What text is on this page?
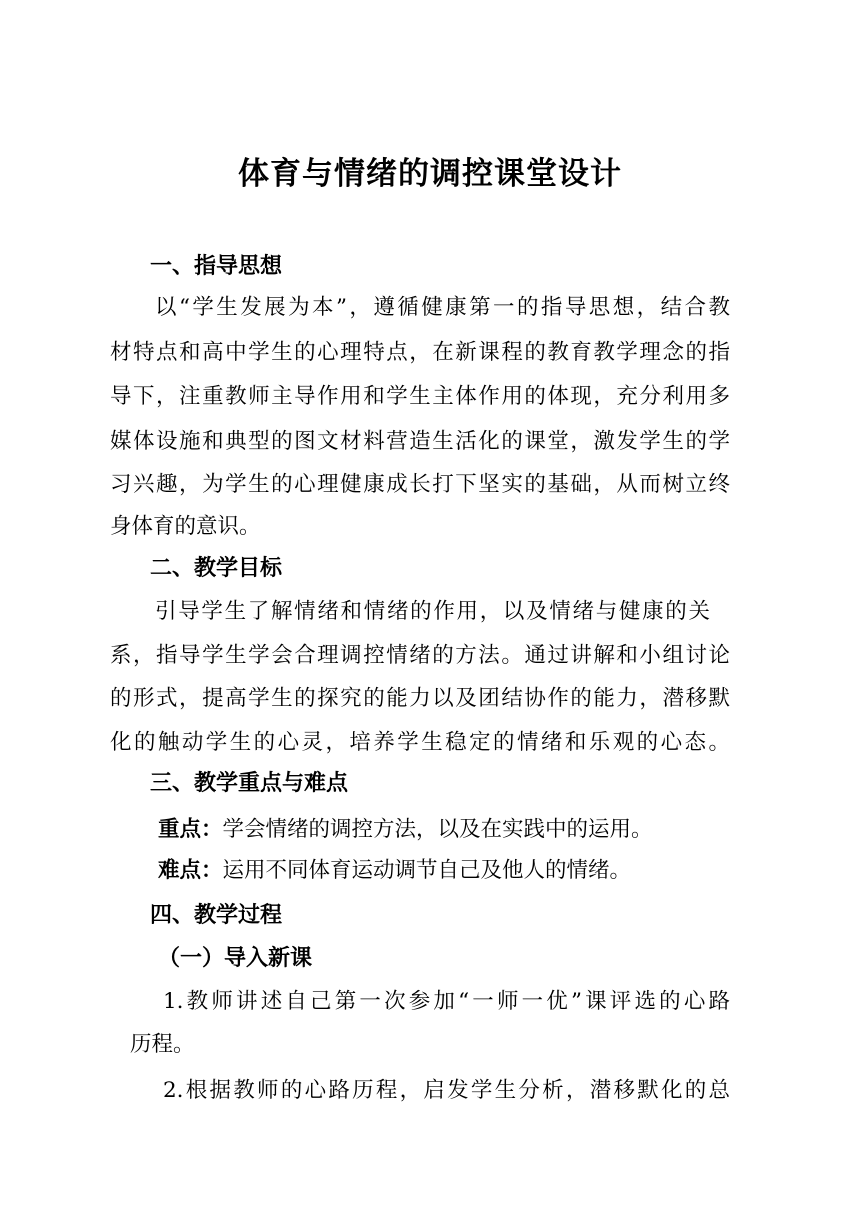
体育与情绪的调控课堂设计
一、指导思想
以“学生发展为本”，遵循健康第一的指导思想，结合教
材特点和高中学生的心理特点，在新课程的教育教学理念的指
导下，注重教师主导作用和学生主体作用的体现，充分利用多
媒体设施和典型的图文材料营造生活化的课堂，激发学生的学
习兴趣，为学生的心理健康成长打下坚实的基础，从而树立终
身体育的意识。
二、教学目标
引导学生了解情绪和情绪的作用，以及情绪与健康的关
系，指导学生学会合理调控情绪的方法。通过讲解和小组讨论
的形式，提高学生的探究的能力以及团结协作的能力，潜移默
化的触动学生的心灵，培养学生稳定的情绪和乐观的心态。
三、教学重点与难点
重点：学会情绪的调控方法，以及在实践中的运用。
难点：运用不同体育运动调节自己及他人的情绪。
四、教学过程
（一）导入新课
1.教师讲述自己第一次参加“一师一优”课评选的心路
历程。
2.根据教师的心路历程，启发学生分析，潜移默化的总
